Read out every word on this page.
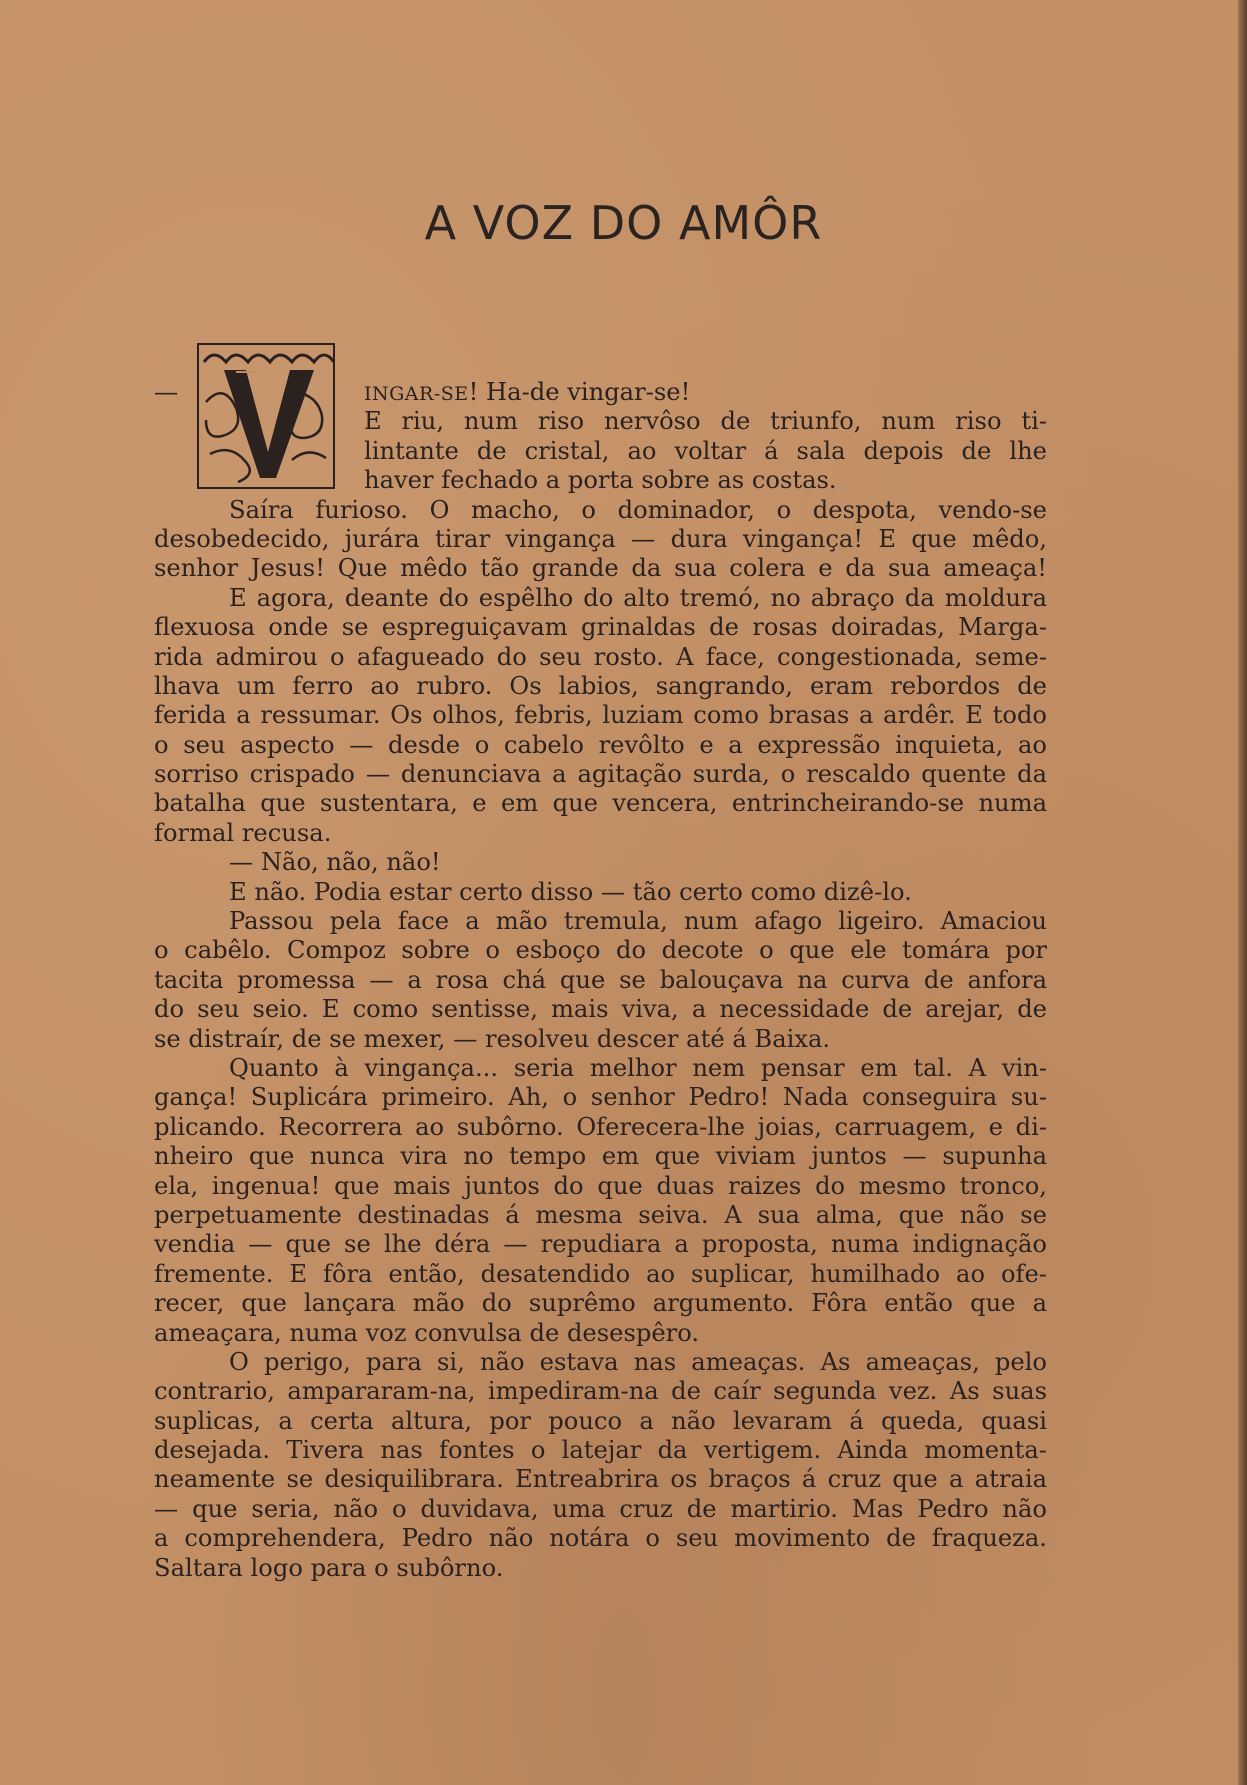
A VOZ DO AMÔR
—	INGAR-SE! Ha-de vingar-se!
E riu, num riso nervôso de triunfo, num riso ti-
lintante de cristal, ao voltar á sala depois de lhe
haver fechado a porta sobre as costas.
Saíra furioso. O macho, o dominador, o despota, vendo-se
desobedecido, jurára tirar vingança — dura vingança! E que mêdo,
senhor Jesus! Que mêdo tão grande da sua colera e da sua ameaça!
E agora, deante do espêlho do alto tremó, no abraço da moldura
flexuosa onde se espreguiçavam grinaldas de rosas doiradas, Marga-
rida admirou o afagueado do seu rosto. A face, congestionada, seme-
lhava um ferro ao rubro. Os labios, sangrando, eram rebordos de
ferida a ressumar. Os olhos, febris, luziam como brasas a ardêr. E todo
o seu aspecto — desde o cabelo revôlto e a expressão inquieta, ao
sorriso crispado — denunciava a agitação surda, o rescaldo quente da
batalha que sustentara, e em que vencera, entrincheirando-se numa
formal recusa.
— Não, não, não!
E não. Podia estar certo disso — tão certo como dizê-lo.
Passou pela face a mão tremula, num afago ligeiro. Amaciou
o cabêlo. Compoz sobre o esboço do decote o que ele tomára por
tacita promessa — a rosa chá que se balouçava na curva de anfora
do seu seio. E como sentisse, mais viva, a necessidade de arejar, de
se distraír, de se mexer, — resolveu descer até á Baixa.
Quanto à vingança... seria melhor nem pensar em tal. A vin-
gança! Suplicára primeiro. Ah, o senhor Pedro! Nada conseguira su-
plicando. Recorrera ao subôrno. Oferecera-lhe joias, carruagem, e di-
nheiro que nunca vira no tempo em que viviam juntos — supunha
ela, ingenua! que mais juntos do que duas raizes do mesmo tronco,
perpetuamente destinadas á mesma seiva. A sua alma, que não se
vendia — que se lhe déra — repudiara a proposta, numa indignação
fremente. E fôra então, desatendido ao suplicar, humilhado ao ofe-
recer, que lançara mão do suprêmo argumento. Fôra então que a
ameaçara, numa voz convulsa de desespêro.
O perigo, para si, não estava nas ameaças. As ameaças, pelo
contrario, ampararam-na, impediram-na de caír segunda vez. As suas
suplicas, a certa altura, por pouco a não levaram á queda, quasi
desejada. Tivera nas fontes o latejar da vertigem. Ainda momenta-
neamente se desiquilibrara. Entreabrira os braços á cruz que a atraia
— que seria, não o duvidava, uma cruz de martirio. Mas Pedro não
a comprehendera, Pedro não notára o seu movimento de fraqueza.
Saltara logo para o subôrno.
